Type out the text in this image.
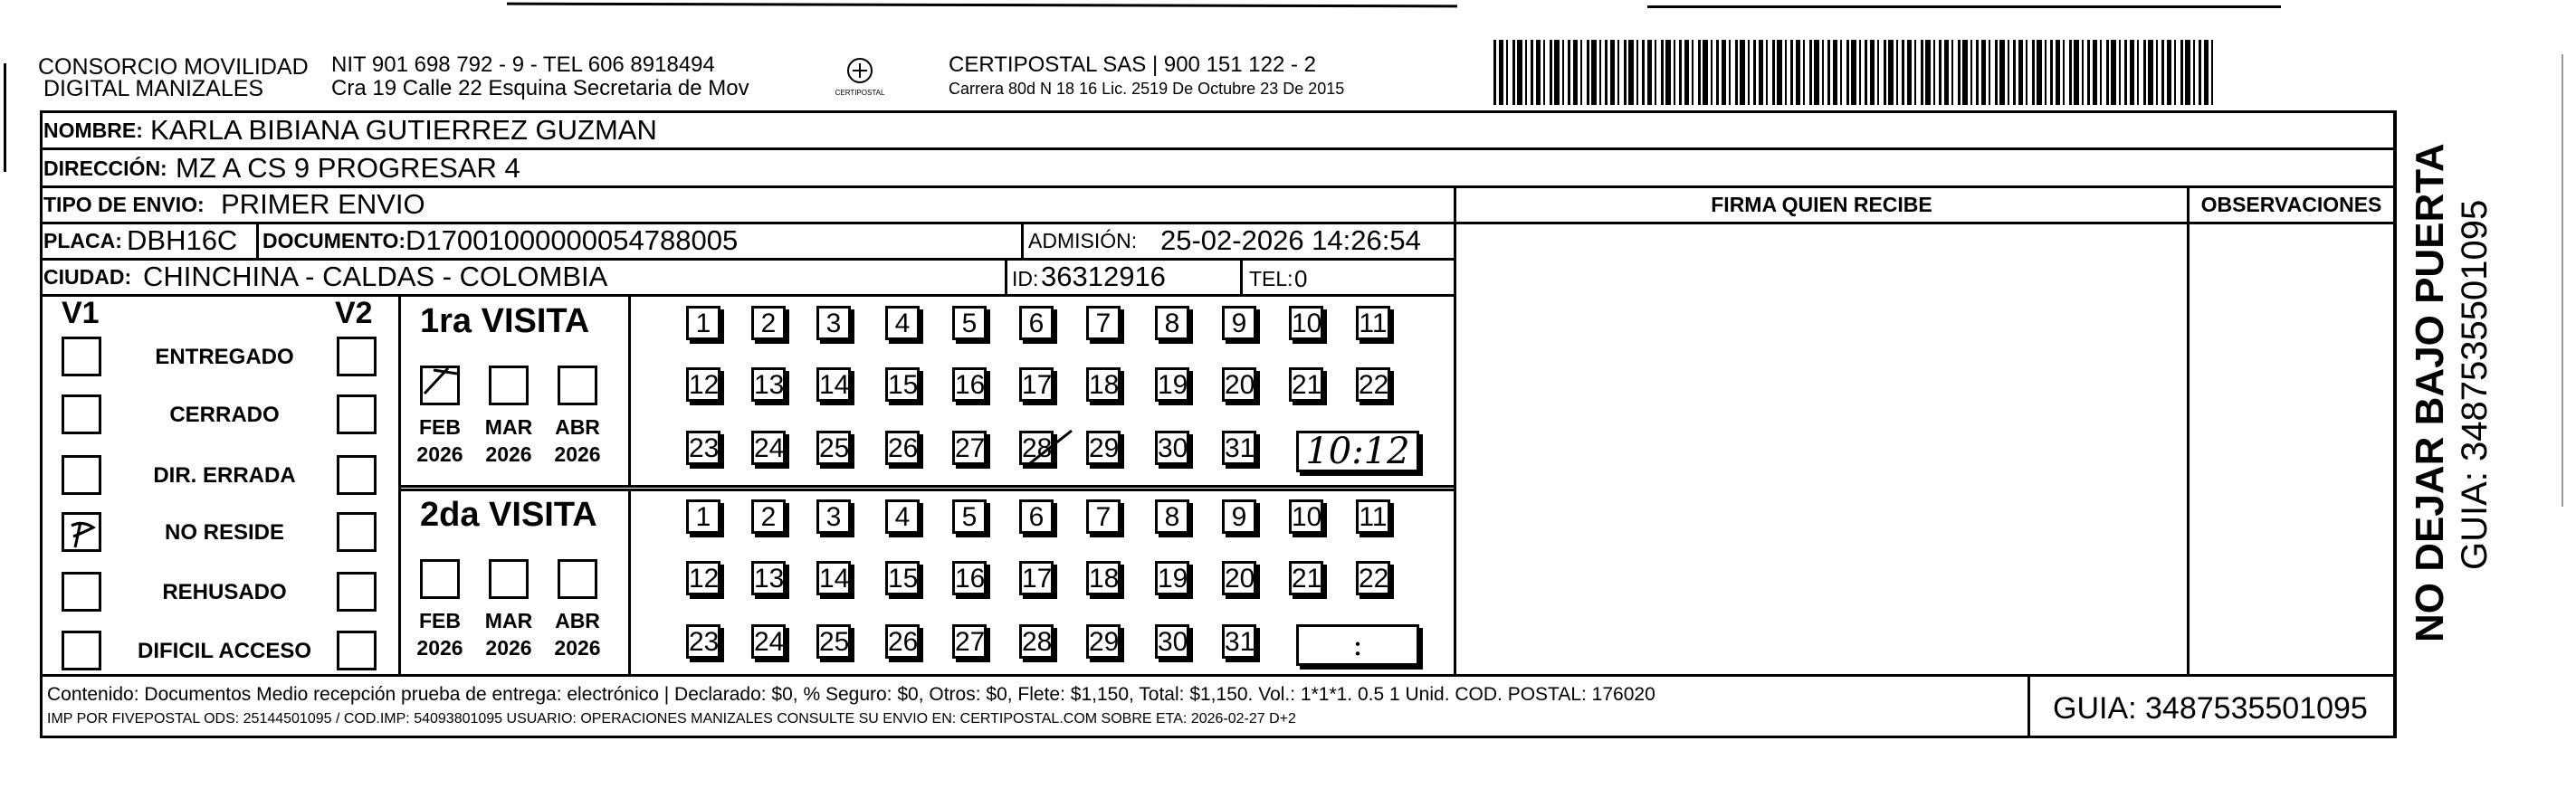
CONSORCIO MOVILIDAD
DIGITAL MANIZALES
NIT 901 698 792 - 9 - TEL 606 8918494
Cra 19 Calle 22 Esquina Secretaria de Mov	CERTIPOSTAL
CERTIPOSTAL SAS | 900 151 122 - 2
Carrera 80d N 18 16 Lic. 2519 De Octubre 23 De 2015
NOMBRE: KARLA BIBIANA GUTIERREZ GUZMAN
DIRECCIÓN: MZ A CS 9 PROGRESAR 4
TIPO DE ENVIO: PRIMER ENVIO	FIRMA QUIEN RECIBE	OBSERVACIONES
PLACA: DBH16C DOCUMENTO: D17001000000054788005	ADMISIÓN: 25-02-2026 14:26:54
CIUDAD: CHINCHINA - CALDAS - COLOMBIA	ID: 36312916	TEL: 0
V1	V2
ENTREGADO
CERRADO
DIR. ERRADA
NO RESIDE
REHUSADO
DIFICIL ACCESO
1ra VISITA
FEB
2026
MAR
2026
ABR
2026
1	2	3	4	5	6	7	8	9	10 11
12 13 14 15 16 17 18 19 20 21 22
23 24 25 26 27 28 29 30 31 10:12
2da VISITA
FEB
2026
MAR
2026
ABR
2026
1	2	3	4	5	6	7	8	9	10 11
12 13 14 15 16 17 18 19 20 21 22
23 24 25 26 27 28 29 30 31	:
Contenido: Documentos Medio recepción prueba de entrega: electrónico | Declarado: $0, % Seguro: $0, Otros: $0, Flete: $1,150, Total: $1,150. Vol.: 1*1*1. 0.5 1 Unid. COD. POSTAL: 176020
IMP POR FIVEPOSTAL ODS: 25144501095 / COD.IMP: 54093801095 USUARIO: OPERACIONES MANIZALES CONSULTE SU ENVIO EN: CERTIPOSTAL.COM SOBRE ETA: 2026-02-27 D+2	GUIA: 3487535501095
NO DEJAR BAJO PUERTA GUIA: 3487535501095
